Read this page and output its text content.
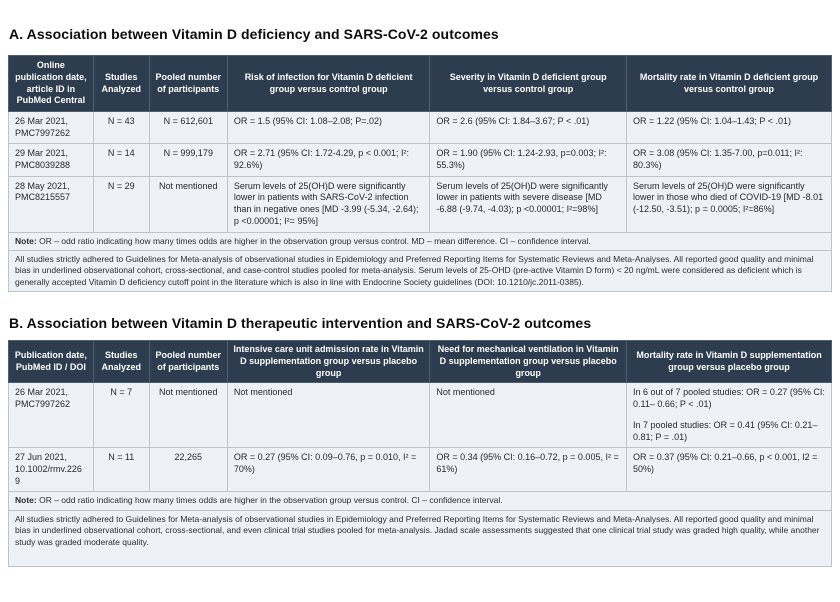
A. Association between Vitamin D deficiency and SARS-CoV-2 outcomes
Online publication date, article ID in PubMed Central	Studies Analyzed	Pooled number of participants	Risk of infection for Vitamin D deficient group versus control group	Severity in Vitamin D deficient group versus control group	Mortality rate in Vitamin D deficient group versus control group
26 Mar 2021, PMC7997262	N = 43	N = 612,601	OR = 1.5 (95% CI: 1.08–2.08; P=.02)	OR = 2.6 (95% CI: 1.84–3.67; P < .01)	OR = 1.22 (95% CI: 1.04–1.43; P < .01)
29 Mar 2021, PMC8039288	N = 14	N = 999,179	OR = 2.71 (95% CI: 1.72-4.29, p < 0.001; I²: 92.6%)	OR = 1.90 (95% CI: 1.24-2.93, p=0.003; I²: 55.3%)	OR = 3.08 (95% CI: 1.35-7.00, p=0.011; I²: 80.3%)
28 May 2021, PMC8215557	N = 29	Not mentioned	Serum levels of 25(OH)D were significantly lower in patients with SARS-CoV-2 infection than in negative ones [MD -3.99 (-5.34, -2.64); p <0.00001; I²= 95%]	Serum levels of 25(OH)D were significantly lower in patients with severe disease [MD -6.88 (-9.74, -4.03); p <0.00001; I²=98%]	Serum levels of 25(OH)D were significantly lower in those who died of COVID-19 [MD -8.01 (-12.50, -3.51); p = 0.0005; I²=86%]
Note: OR – odd ratio indicating how many times odds are higher in the observation group versus control. MD – mean difference. CI – confidence interval.					
All studies strictly adhered to Guidelines for Meta-analysis of observational studies in Epidemiology and Preferred Reporting Items for Systematic Reviews and Meta-Analyses. All reported good quality and minimal bias in underlined observational cohort, cross-sectional, and case-control studies pooled for meta-analysis. Serum levels of 25-OHD (pre-active Vitamin D form) < 20 ng/mL were considered as deficient which is generally accepted Vitamin D deficiency cutoff point in the literature which is also in line with Endocrine Society guidelines (DOI: 10.1210/jc.2011-0385).					
B. Association between Vitamin D therapeutic intervention and SARS-CoV-2 outcomes
Publication date, PubMed ID / DOI	Studies Analyzed	Pooled number of participants	Intensive care unit admission rate in Vitamin D supplementation group versus placebo group	Need for mechanical ventilation in Vitamin D supplementation group versus placebo group	Mortality rate in Vitamin D supplementation group versus placebo group
26 Mar 2021, PMC7997262	N = 7	Not mentioned	Not mentioned	Not mentioned	In 6 out of 7 pooled studies: OR = 0.27 (95% CI: 0.11– 0.66; P < .01)
In 7 pooled studies: OR = 0.41 (95% CI: 0.21– 0.81; P = .01)

27 Jun 2021, 10.1002/rmv.2269	N = 11	22,265	OR = 0.27 (95% CI: 0.09–0.76, p = 0.010, I² = 70%)	OR = 0.34 (95% CI: 0.16–0.72, p = 0.005, I² = 61%)	OR = 0.37 (95% CI: 0.21–0.66, p < 0.001, I2 = 50%)
Note: OR – odd ratio indicating how many times odds are higher in the observation group versus control. CI – confidence interval.					
All studies strictly adhered to Guidelines for Meta-analysis of observational studies in Epidemiology and Preferred Reporting Items for Systematic Reviews and Meta-Analyses. All reported good quality and minimal bias in underlined observational cohort, cross-sectional, and even clinical trial studies pooled for meta-analysis. Jadad scale assessments suggested that one clinical trial study was graded high quality, while another study was graded moderate quality.					
